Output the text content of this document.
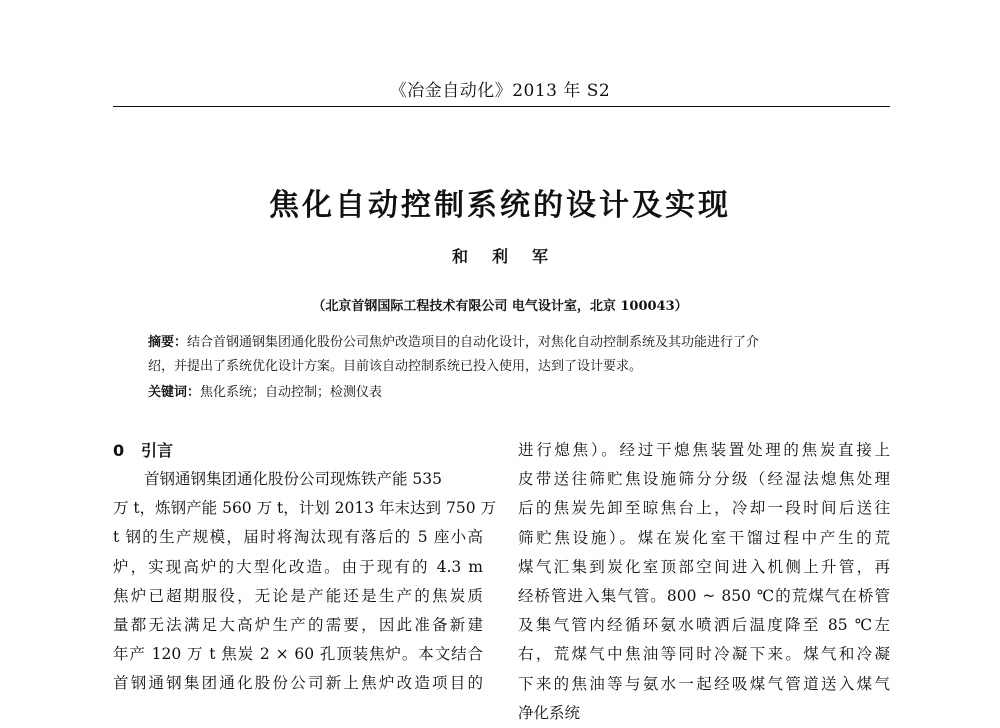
《冶金自动化》2013 年 S2
焦化自动控制系统的设计及实现
和利军
（北京首钢国际工程技术有限公司 电气设计室，北京 100043）
摘要：结合首钢通钢集团通化股份公司焦炉改造项目的自动化设计，对焦化自动控制系统及其功能进行了介
绍，并提出了系统优化设计方案。目前该自动控制系统已投入使用，达到了设计要求。
关键词：焦化系统；自动控制；检测仪表
0 引言
首钢通钢集团通化股份公司现炼铁产能 535
万 t，炼钢产能 560 万 t，计划 2013 年末达到 750 万
t 钢的生产规模，届时将淘汰现有落后的 5 座小高
炉，实现高炉的大型化改造。由于现有的 4.3 m
焦炉已超期服役，无论是产能还是生产的焦炭质
量都无法满足大高炉生产的需要，因此准备新建
年产 120 万 t 焦炭 2 × 60 孔顶装焦炉。本文结合
首钢通钢集团通化股份公司新上焦炉改造项目的
进行熄焦）。经过干熄焦装置处理的焦炭直接上
皮带送往筛贮焦设施筛分分级（经湿法熄焦处理
后的焦炭先卸至晾焦台上，冷却一段时间后送往
筛贮焦设施）。煤在炭化室干馏过程中产生的荒
煤气汇集到炭化室顶部空间进入机侧上升管，再
经桥管进入集气管。800 ~ 850 ℃的荒煤气在桥管
及集气管内经循环氨水喷洒后温度降至 85 ℃左
右，荒煤气中焦油等同时冷凝下来。煤气和冷凝
下来的焦油等与氨水一起经吸煤气管道送入煤气
净化系统
